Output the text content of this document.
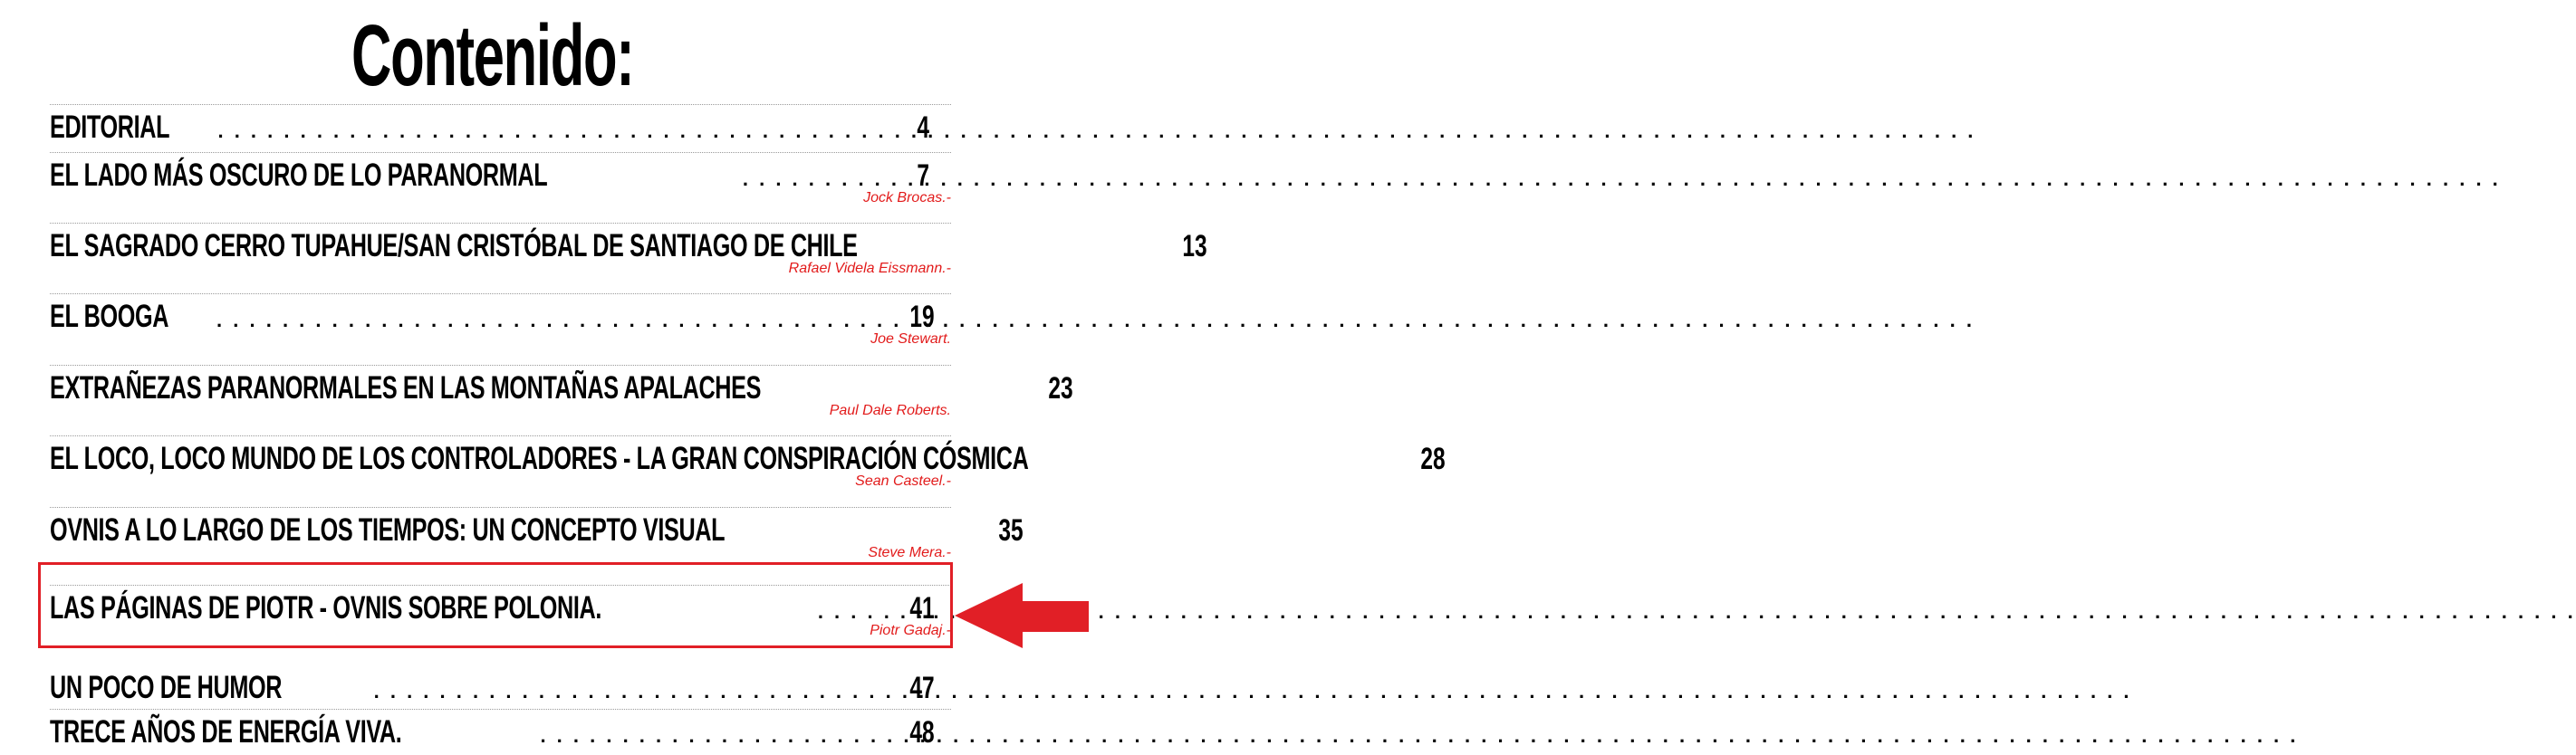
Contenido:
EDITORIAL . . .	4
EL LADO MÁS OSCURO DE LO PARANORMAL . . .	7
Jock Brocas.-
EL SAGRADO CERRO TUPAHUE/SAN CRISTÓBAL DE SANTIAGO DE CHILE	13
Rafael Videla Eissmann.-
EL BOOGA . . .	19
Joe Stewart.
EXTRAÑEZAS PARANORMALES EN LAS MONTAÑAS APALACHES	23
Paul Dale Roberts.
EL LOCO, LOCO MUNDO DE LOS CONTROLADORES - LA GRAN CONSPIRACIÓN CÓSMICA	28
Sean Casteel.-
OVNIS A LO LARGO DE LOS TIEMPOS: UN CONCEPTO VISUAL	35
Steve Mera.-
LAS PÁGINAS DE PIOTR - OVNIS SOBRE POLONIA. . . .	41
Piotr Gadaj.-
UN POCO DE HUMOR . . .	47
TRECE AÑOS DE ENERGÍA VIVA. . . .	48
